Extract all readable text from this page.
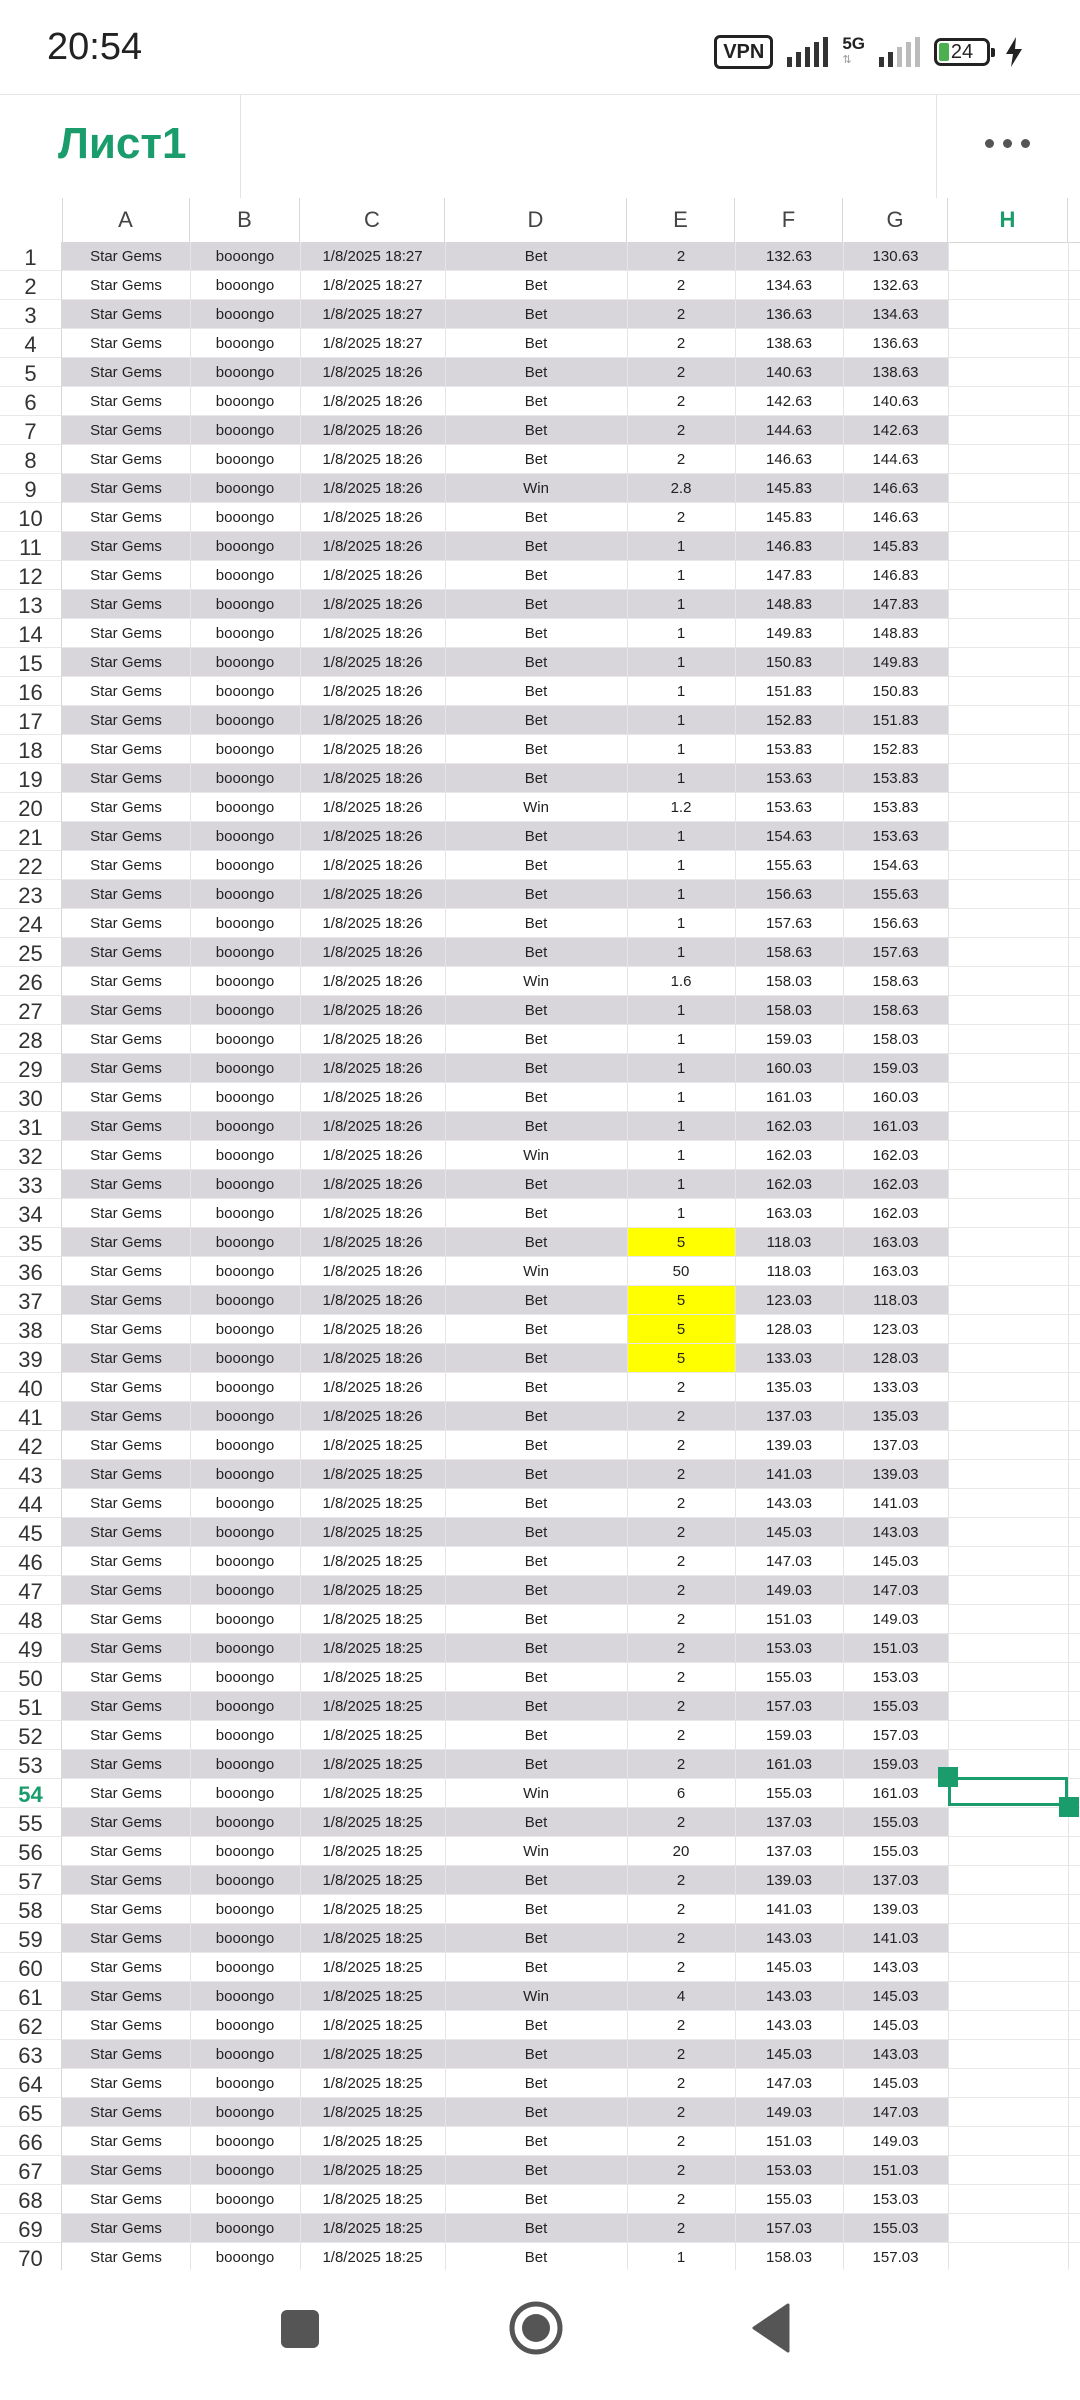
20:54	VPN	5G
⇅	24
Лист1
A	B	C	D	E	F	G	H
1	Star Gems	booongo	1/8/2025 18:27	Bet	2	132.63	130.63
2	Star Gems	booongo	1/8/2025 18:27	Bet	2	134.63	132.63
3	Star Gems	booongo	1/8/2025 18:27	Bet	2	136.63	134.63
4	Star Gems	booongo	1/8/2025 18:27	Bet	2	138.63	136.63
5	Star Gems	booongo	1/8/2025 18:26	Bet	2	140.63	138.63
6	Star Gems	booongo	1/8/2025 18:26	Bet	2	142.63	140.63
7	Star Gems	booongo	1/8/2025 18:26	Bet	2	144.63	142.63
8	Star Gems	booongo	1/8/2025 18:26	Bet	2	146.63	144.63
9	Star Gems	booongo	1/8/2025 18:26	Win	2.8	145.83	146.63
10	Star Gems	booongo	1/8/2025 18:26	Bet	2	145.83	146.63
11	Star Gems	booongo	1/8/2025 18:26	Bet	1	146.83	145.83
12	Star Gems	booongo	1/8/2025 18:26	Bet	1	147.83	146.83
13	Star Gems	booongo	1/8/2025 18:26	Bet	1	148.83	147.83
14	Star Gems	booongo	1/8/2025 18:26	Bet	1	149.83	148.83
15	Star Gems	booongo	1/8/2025 18:26	Bet	1	150.83	149.83
16	Star Gems	booongo	1/8/2025 18:26	Bet	1	151.83	150.83
17	Star Gems	booongo	1/8/2025 18:26	Bet	1	152.83	151.83
18	Star Gems	booongo	1/8/2025 18:26	Bet	1	153.83	152.83
19	Star Gems	booongo	1/8/2025 18:26	Bet	1	153.63	153.83
20	Star Gems	booongo	1/8/2025 18:26	Win	1.2	153.63	153.83
21	Star Gems	booongo	1/8/2025 18:26	Bet	1	154.63	153.63
22	Star Gems	booongo	1/8/2025 18:26	Bet	1	155.63	154.63
23	Star Gems	booongo	1/8/2025 18:26	Bet	1	156.63	155.63
24	Star Gems	booongo	1/8/2025 18:26	Bet	1	157.63	156.63
25	Star Gems	booongo	1/8/2025 18:26	Bet	1	158.63	157.63
26	Star Gems	booongo	1/8/2025 18:26	Win	1.6	158.03	158.63
27	Star Gems	booongo	1/8/2025 18:26	Bet	1	158.03	158.63
28	Star Gems	booongo	1/8/2025 18:26	Bet	1	159.03	158.03
29	Star Gems	booongo	1/8/2025 18:26	Bet	1	160.03	159.03
30	Star Gems	booongo	1/8/2025 18:26	Bet	1	161.03	160.03
31	Star Gems	booongo	1/8/2025 18:26	Bet	1	162.03	161.03
32	Star Gems	booongo	1/8/2025 18:26	Win	1	162.03	162.03
33	Star Gems	booongo	1/8/2025 18:26	Bet	1	162.03	162.03
34	Star Gems	booongo	1/8/2025 18:26	Bet	1	163.03	162.03
35	Star Gems	booongo	1/8/2025 18:26	Bet	5	118.03	163.03
36	Star Gems	booongo	1/8/2025 18:26	Win	50	118.03	163.03
37	Star Gems	booongo	1/8/2025 18:26	Bet	5	123.03	118.03
38	Star Gems	booongo	1/8/2025 18:26	Bet	5	128.03	123.03
39	Star Gems	booongo	1/8/2025 18:26	Bet	5	133.03	128.03
40	Star Gems	booongo	1/8/2025 18:26	Bet	2	135.03	133.03
41	Star Gems	booongo	1/8/2025 18:26	Bet	2	137.03	135.03
42	Star Gems	booongo	1/8/2025 18:25	Bet	2	139.03	137.03
43	Star Gems	booongo	1/8/2025 18:25	Bet	2	141.03	139.03
44	Star Gems	booongo	1/8/2025 18:25	Bet	2	143.03	141.03
45	Star Gems	booongo	1/8/2025 18:25	Bet	2	145.03	143.03
46	Star Gems	booongo	1/8/2025 18:25	Bet	2	147.03	145.03
47	Star Gems	booongo	1/8/2025 18:25	Bet	2	149.03	147.03
48	Star Gems	booongo	1/8/2025 18:25	Bet	2	151.03	149.03
49	Star Gems	booongo	1/8/2025 18:25	Bet	2	153.03	151.03
50	Star Gems	booongo	1/8/2025 18:25	Bet	2	155.03	153.03
51	Star Gems	booongo	1/8/2025 18:25	Bet	2	157.03	155.03
52	Star Gems	booongo	1/8/2025 18:25	Bet	2	159.03	157.03
53	Star Gems	booongo	1/8/2025 18:25	Bet	2	161.03	159.03
54	Star Gems	booongo	1/8/2025 18:25	Win	6	155.03	161.03
55	Star Gems	booongo	1/8/2025 18:25	Bet	2	137.03	155.03
56	Star Gems	booongo	1/8/2025 18:25	Win	20	137.03	155.03
57	Star Gems	booongo	1/8/2025 18:25	Bet	2	139.03	137.03
58	Star Gems	booongo	1/8/2025 18:25	Bet	2	141.03	139.03
59	Star Gems	booongo	1/8/2025 18:25	Bet	2	143.03	141.03
60	Star Gems	booongo	1/8/2025 18:25	Bet	2	145.03	143.03
61	Star Gems	booongo	1/8/2025 18:25	Win	4	143.03	145.03
62	Star Gems	booongo	1/8/2025 18:25	Bet	2	143.03	145.03
63	Star Gems	booongo	1/8/2025 18:25	Bet	2	145.03	143.03
64	Star Gems	booongo	1/8/2025 18:25	Bet	2	147.03	145.03
65	Star Gems	booongo	1/8/2025 18:25	Bet	2	149.03	147.03
66	Star Gems	booongo	1/8/2025 18:25	Bet	2	151.03	149.03
67	Star Gems	booongo	1/8/2025 18:25	Bet	2	153.03	151.03
68	Star Gems	booongo	1/8/2025 18:25	Bet	2	155.03	153.03
69	Star Gems	booongo	1/8/2025 18:25	Bet	2	157.03	155.03
70	Star Gems	booongo	1/8/2025 18:25	Bet	1	158.03	157.03
